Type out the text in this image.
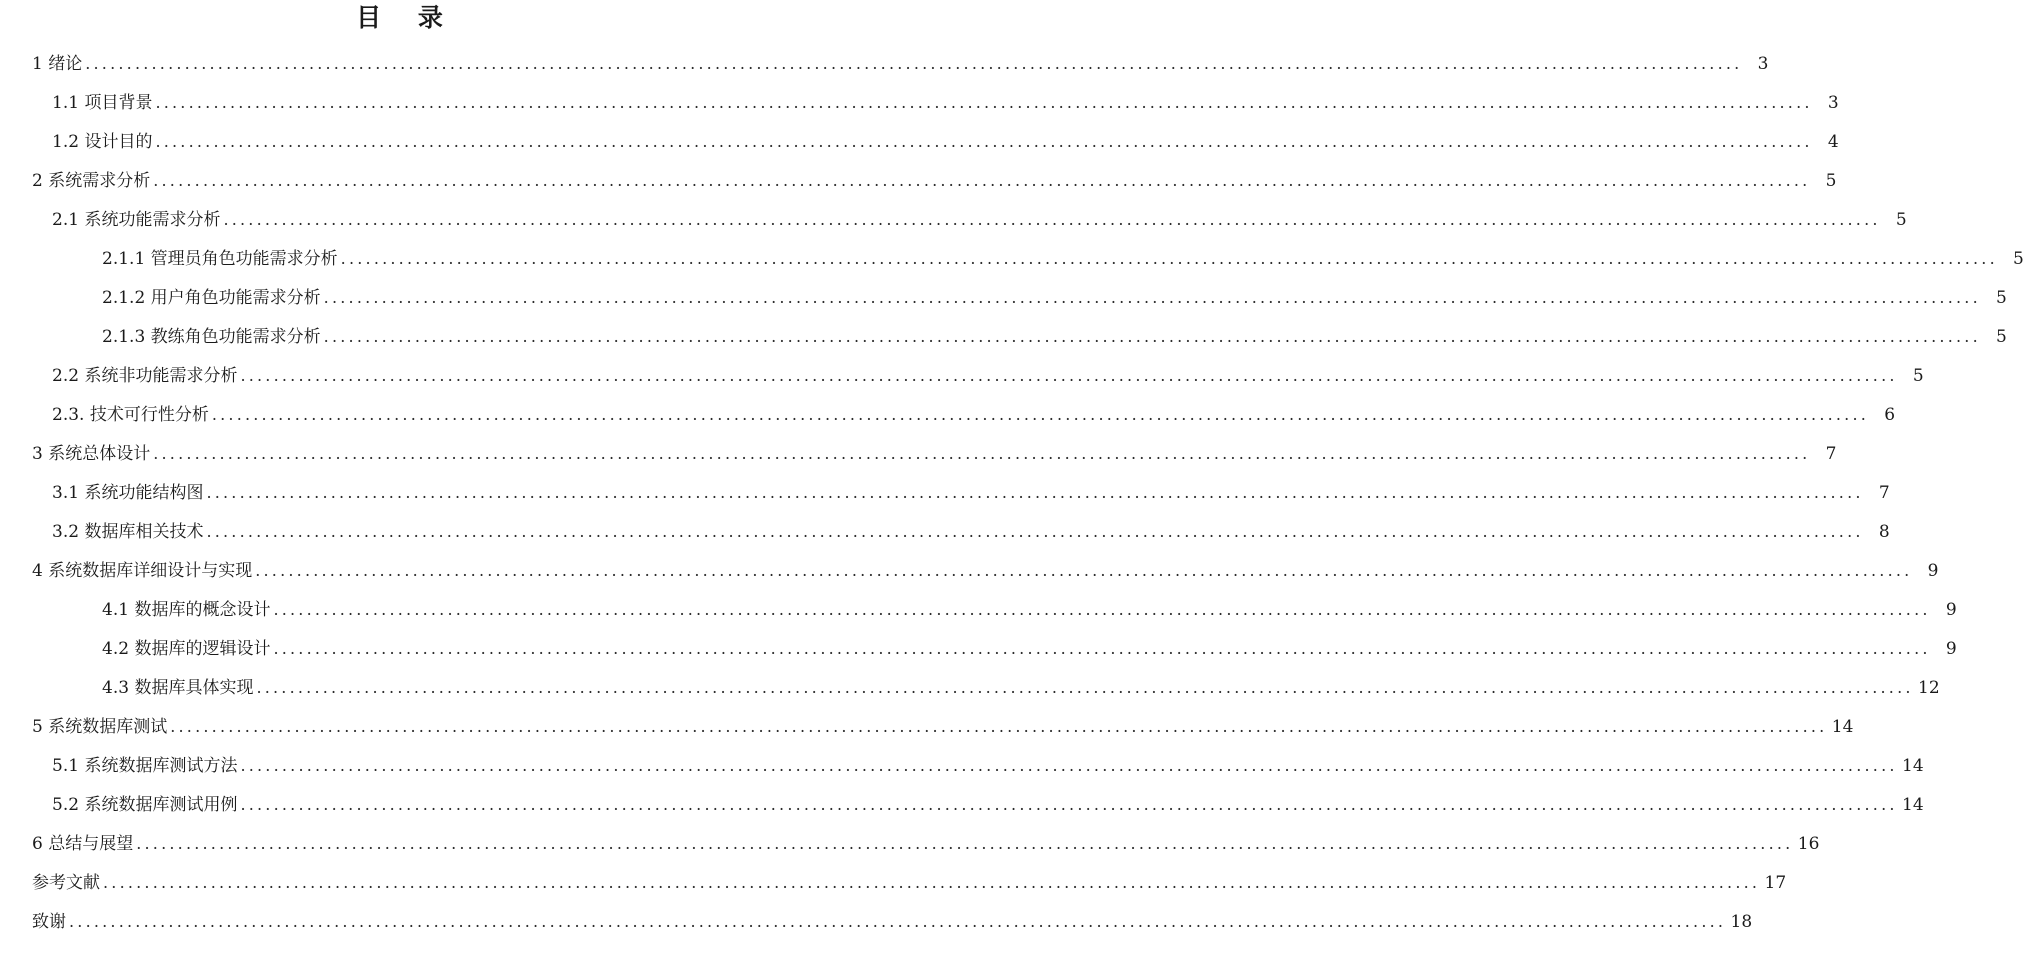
目 录
1 绪论 ........................................................................................................................................................................................................ 3
1.1 项目背景 ........................................................................................................................................................................................................ 3
1.2 设计目的 ........................................................................................................................................................................................................ 4
2 系统需求分析 ........................................................................................................................................................................................................ 5
2.1 系统功能需求分析 ........................................................................................................................................................................................................ 5
2.1.1 管理员角色功能需求分析 ........................................................................................................................................................................................................ 5
2.1.2 用户角色功能需求分析 ........................................................................................................................................................................................................ 5
2.1.3 教练角色功能需求分析 ........................................................................................................................................................................................................ 5
2.2 系统非功能需求分析 ........................................................................................................................................................................................................ 5
2.3. 技术可行性分析 ........................................................................................................................................................................................................ 6
3 系统总体设计 ........................................................................................................................................................................................................ 7
3.1 系统功能结构图 ........................................................................................................................................................................................................ 7
3.2 数据库相关技术 ........................................................................................................................................................................................................ 8
4 系统数据库详细设计与实现 ........................................................................................................................................................................................................ 9
4.1 数据库的概念设计 ........................................................................................................................................................................................................ 9
4.2 数据库的逻辑设计 ........................................................................................................................................................................................................ 9
4.3 数据库具体实现 ........................................................................................................................................................................................................ 12
5 系统数据库测试 ........................................................................................................................................................................................................ 14
5.1 系统数据库测试方法 ........................................................................................................................................................................................................ 14
5.2 系统数据库测试用例 ........................................................................................................................................................................................................ 14
6 总结与展望 ........................................................................................................................................................................................................ 16
参考文献 ........................................................................................................................................................................................................ 17
致谢 ........................................................................................................................................................................................................ 18
